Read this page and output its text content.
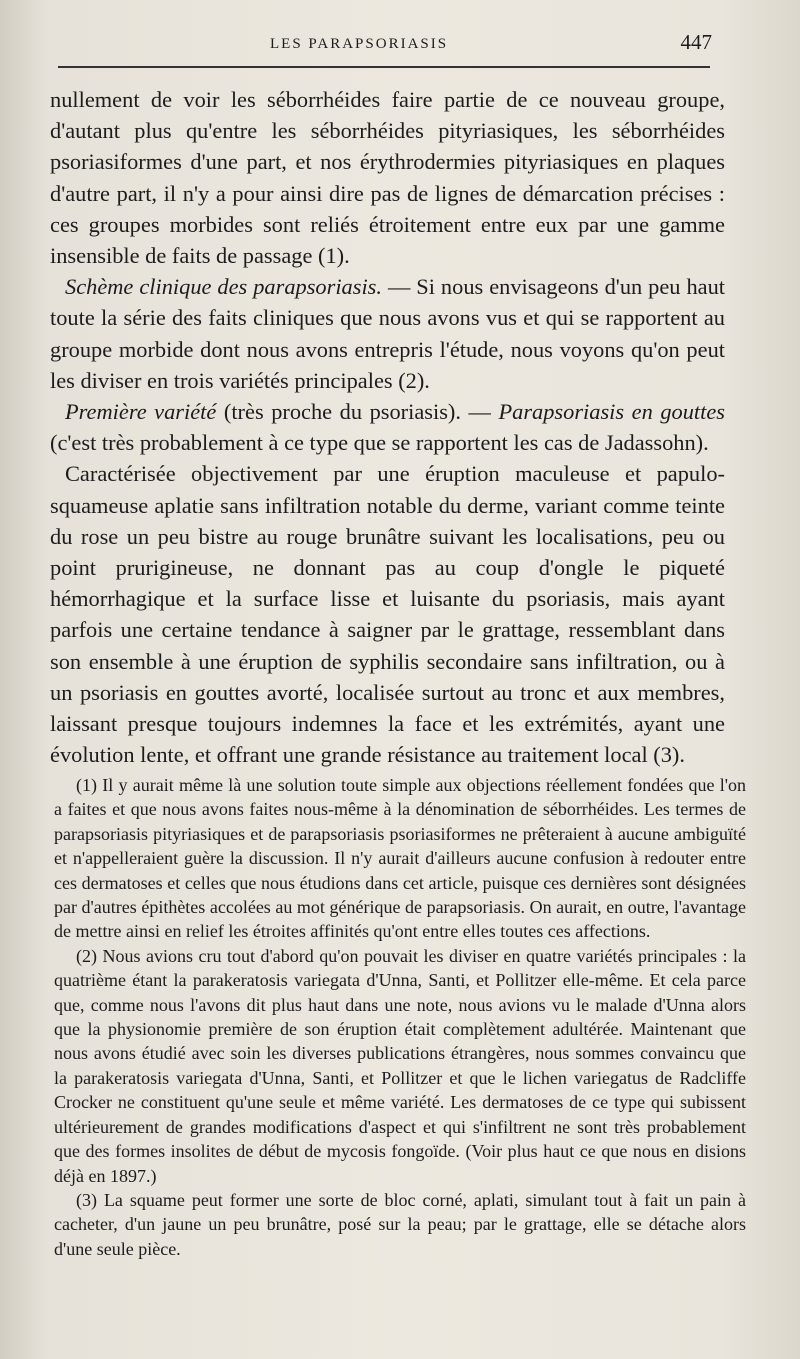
LES PARAPSORIASIS	447

nullement de voir les séborrhéides faire partie de ce nouveau groupe, d'autant plus qu'entre les séborrhéides pityriasiques, les séborrhéides psoriasiformes d'une part, et nos érythrodermies pityriasiques en plaques d'autre part, il n'y a pour ainsi dire pas de lignes de démarcation précises : ces groupes morbides sont reliés étroitement entre eux par une gamme insensible de faits de passage (1).

Schème clinique des parapsoriasis. — Si nous envisageons d'un peu haut toute la série des faits cliniques que nous avons vus et qui se rapportent au groupe morbide dont nous avons entrepris l'étude, nous voyons qu'on peut les diviser en trois variétés principales (2).

Première variété (très proche du psoriasis). — Parapsoriasis en gouttes (c'est très probablement à ce type que se rapportent les cas de Jadassohn).

Caractérisée objectivement par une éruption maculeuse et papulo-squameuse aplatie sans infiltration notable du derme, variant comme teinte du rose un peu bistre au rouge brunâtre suivant les localisations, peu ou point prurigineuse, ne donnant pas au coup d'ongle le piqueté hémorrhagique et la surface lisse et luisante du psoriasis, mais ayant parfois une certaine tendance à saigner par le grattage, ressemblant dans son ensemble à une éruption de syphilis secondaire sans infiltration, ou à un psoriasis en gouttes avorté, localisée surtout au tronc et aux membres, laissant presque toujours indemnes la face et les extrémités, ayant une évolution lente, et offrant une grande résistance au traitement local (3).

(1) Il y aurait même là une solution toute simple aux objections réellement fondées que l'on a faites et que nous avons faites nous-même à la dénomination de séborrhéides. Les termes de parapsoriasis pityriasiques et de parapsoriasis psoriasiformes ne prêteraient à aucune ambiguïté et n'appelleraient guère la discussion. Il n'y aurait d'ailleurs aucune confusion à redouter entre ces dermatoses et celles que nous étudions dans cet article, puisque ces dernières sont désignées par d'autres épithètes accolées au mot générique de parapsoriasis. On aurait, en outre, l'avantage de mettre ainsi en relief les étroites affinités qu'ont entre elles toutes ces affections.

(2) Nous avions cru tout d'abord qu'on pouvait les diviser en quatre variétés principales : la quatrième étant la parakeratosis variegata d'Unna, Santi, et Pollitzer elle-même. Et cela parce que, comme nous l'avons dit plus haut dans une note, nous avions vu le malade d'Unna alors que la physionomie première de son éruption était complètement adultérée. Maintenant que nous avons étudié avec soin les diverses publications étrangères, nous sommes convaincu que la parakeratosis variegata d'Unna, Santi, et Pollitzer et que le lichen variegatus de Radcliffe Crocker ne constituent qu'une seule et même variété. Les dermatoses de ce type qui subissent ultérieurement de grandes modifications d'aspect et qui s'infiltrent ne sont très probablement que des formes insolites de début de mycosis fongoïde. (Voir plus haut ce que nous en disions déjà en 1897.)

(3) La squame peut former une sorte de bloc corné, aplati, simulant tout à fait un pain à cacheter, d'un jaune un peu brunâtre, posé sur la peau; par le grattage, elle se détache alors d'une seule pièce.
